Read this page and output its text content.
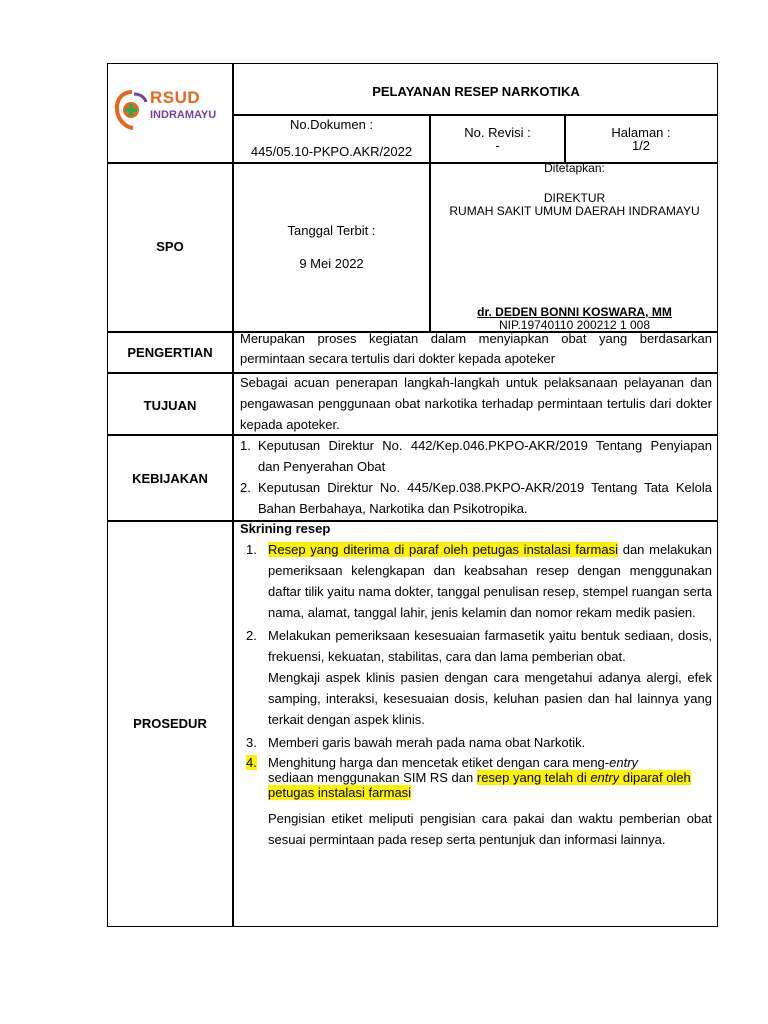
RSUD
INDRAMAYU
PELAYANAN RESEP NARKOTIKA
No.Dokumen :
445/05.10-PKPO.AKR/2022
No. Revisi :
-
Halaman :
1/2
SPO
Tanggal Terbit :
9 Mei 2022
Ditetapkan:
DIREKTUR
RUMAH SAKIT UMUM DAERAH INDRAMAYU
dr. DEDEN BONNI KOSWARA, MM
NIP.19740110 200212 1 008
PENGERTIAN
Merupakan proses kegiatan dalam menyiapkan obat yang berdasarkan permintaan secara tertulis dari dokter kepada apoteker
TUJUAN
Sebagai acuan penerapan langkah-langkah untuk pelaksanaan pelayanan dan pengawasan penggunaan obat narkotika terhadap permintaan tertulis dari dokter kepada apoteker.
KEBIJAKAN
1. Keputusan Direktur No. 442/Kep.046.PKPO-AKR/2019 Tentang Penyiapan dan Penyerahan Obat
2. Keputusan Direktur No. 445/Kep.038.PKPO-AKR/2019 Tentang Tata Kelola Bahan Berbahaya, Narkotika dan Psikotropika.
PROSEDUR
Skrining resep
1. Resep yang diterima di paraf oleh petugas instalasi farmasi dan melakukan pemeriksaan kelengkapan dan keabsahan resep dengan menggunakan daftar tilik yaitu nama dokter, tanggal penulisan resep, stempel ruangan serta nama, alamat, tanggal lahir, jenis kelamin dan nomor rekam medik pasien.
2. Melakukan pemeriksaan kesesuaian farmasetik yaitu bentuk sediaan, dosis, frekuensi, kekuatan, stabilitas, cara dan lama pemberian obat.
Mengkaji aspek klinis pasien dengan cara mengetahui adanya alergi, efek samping, interaksi, kesesuaian dosis, keluhan pasien dan hal lainnya yang terkait dengan aspek klinis.
3. Memberi garis bawah merah pada nama obat Narkotik.
4. Menghitung harga dan mencetak etiket dengan cara meng-entry
sediaan menggunakan SIM RS dan resep yang telah di entry diparaf oleh petugas instalasi farmasi
Pengisian etiket meliputi pengisian cara pakai dan waktu pemberian obat sesuai permintaan pada resep serta pentunjuk dan informasi lainnya.
